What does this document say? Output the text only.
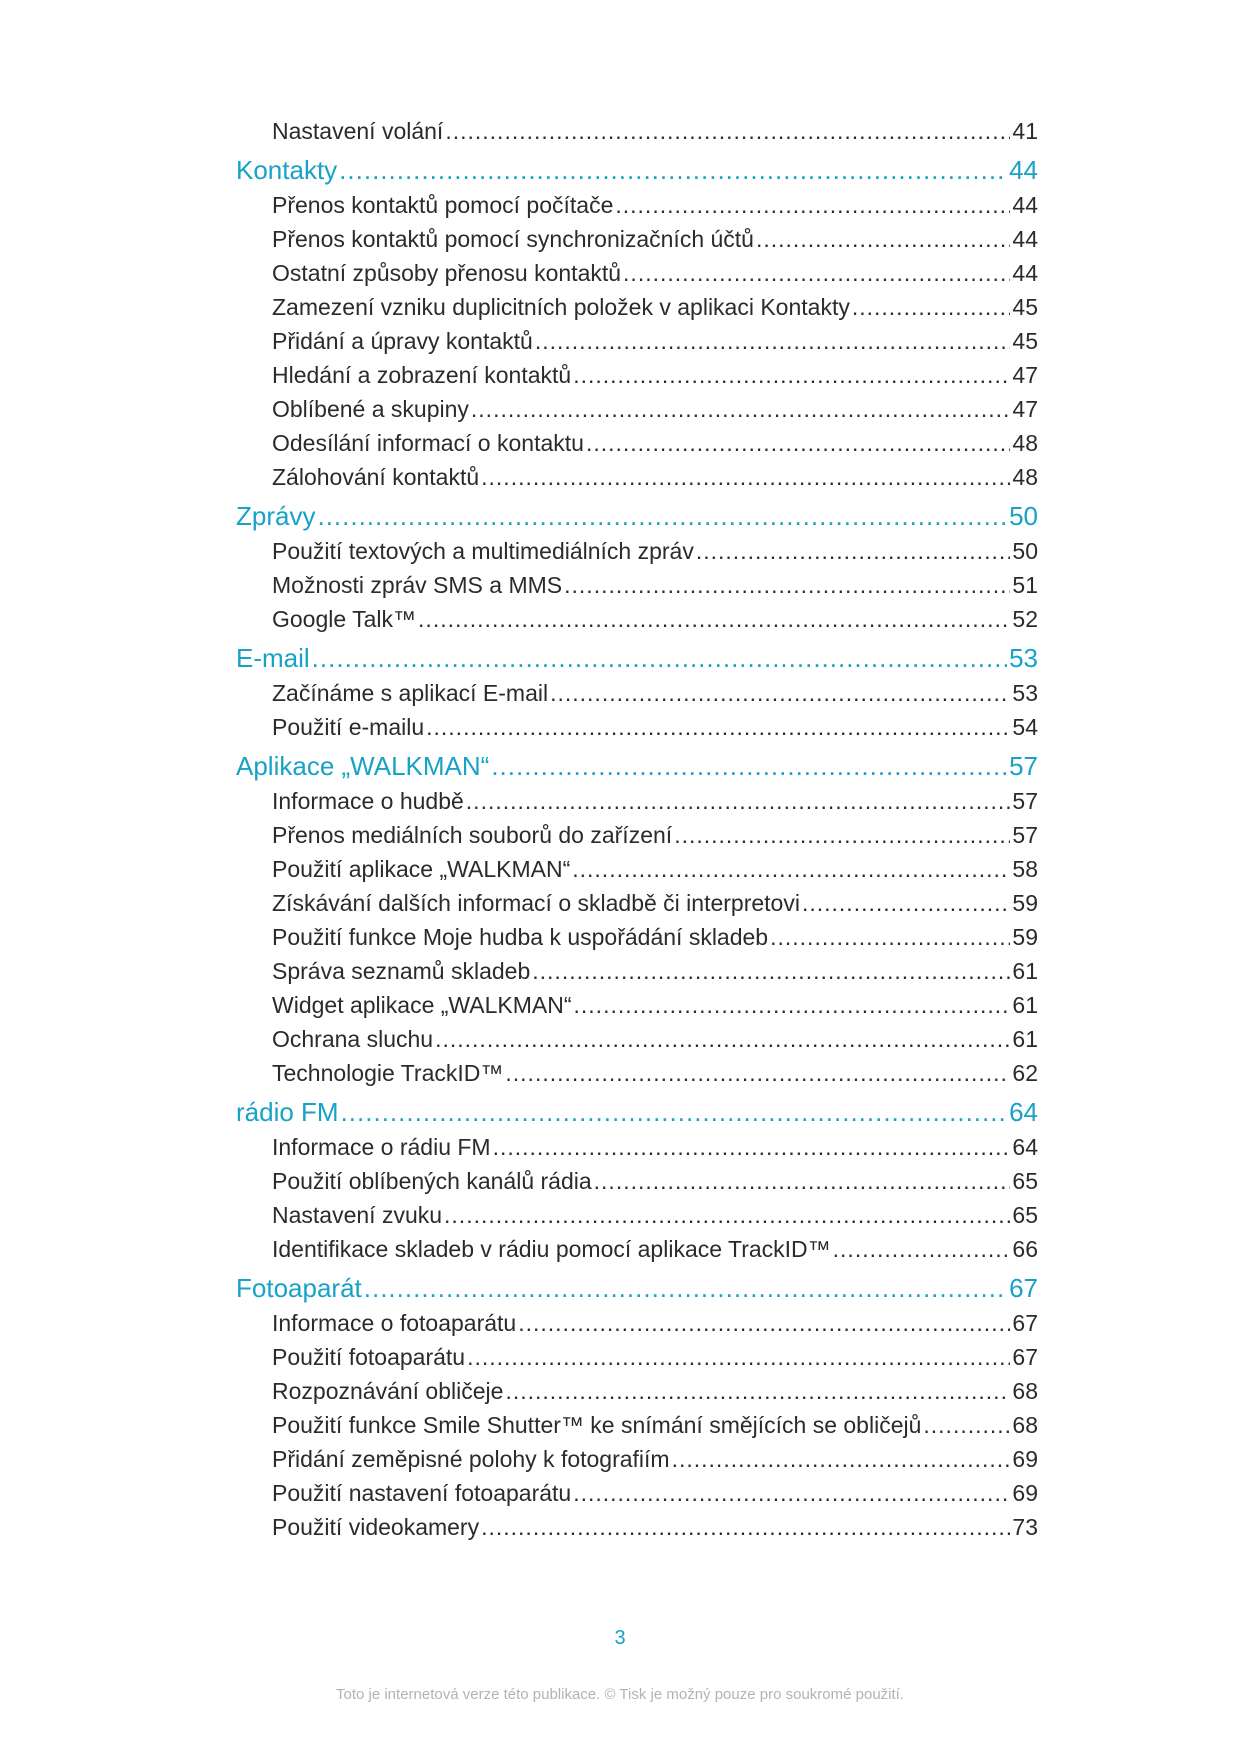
Nastavení volání .....	41
Kontakty .....	44
Přenos kontaktů pomocí počítače .....	44
Přenos kontaktů pomocí synchronizačních účtů .....	44
Ostatní způsoby přenosu kontaktů .....	44
Zamezení vzniku duplicitních položek v aplikaci Kontakty .....	45
Přidání a úpravy kontaktů .....	45
Hledání a zobrazení kontaktů .....	47
Oblíbené a skupiny .....	47
Odesílání informací o kontaktu .....	48
Zálohování kontaktů .....	48
Zprávy .....	50
Použití textových a multimediálních zpráv .....	50
Možnosti zpráv SMS a MMS .....	51
Google Talk™ .....	52
E-mail .....	53
Začínáme s aplikací E-mail .....	53
Použití e-mailu .....	54
Aplikace „WALKMAN“ .....	57
Informace o hudbě .....	57
Přenos mediálních souborů do zařízení .....	57
Použití aplikace „WALKMAN“ .....	58
Získávání dalších informací o skladbě či interpretovi .....	59
Použití funkce Moje hudba k uspořádání skladeb .....	59
Správa seznamů skladeb .....	61
Widget aplikace „WALKMAN“ .....	61
Ochrana sluchu .....	61
Technologie TrackID™ .....	62
rádio FM .....	64
Informace o rádiu FM .....	64
Použití oblíbených kanálů rádia .....	65
Nastavení zvuku .....	65
Identifikace skladeb v rádiu pomocí aplikace TrackID™ .....	66
Fotoaparát .....	67
Informace o fotoaparátu .....	67
Použití fotoaparátu .....	67
Rozpoznávání obličeje .....	68
Použití funkce Smile Shutter™ ke snímání smějících se obličejů .....	68
Přidání zeměpisné polohy k fotografiím .....	69
Použití nastavení fotoaparátu .....	69
Použití videokamery .....	73
3
Toto je internetová verze této publikace. © Tisk je možný pouze pro soukromé použití.
